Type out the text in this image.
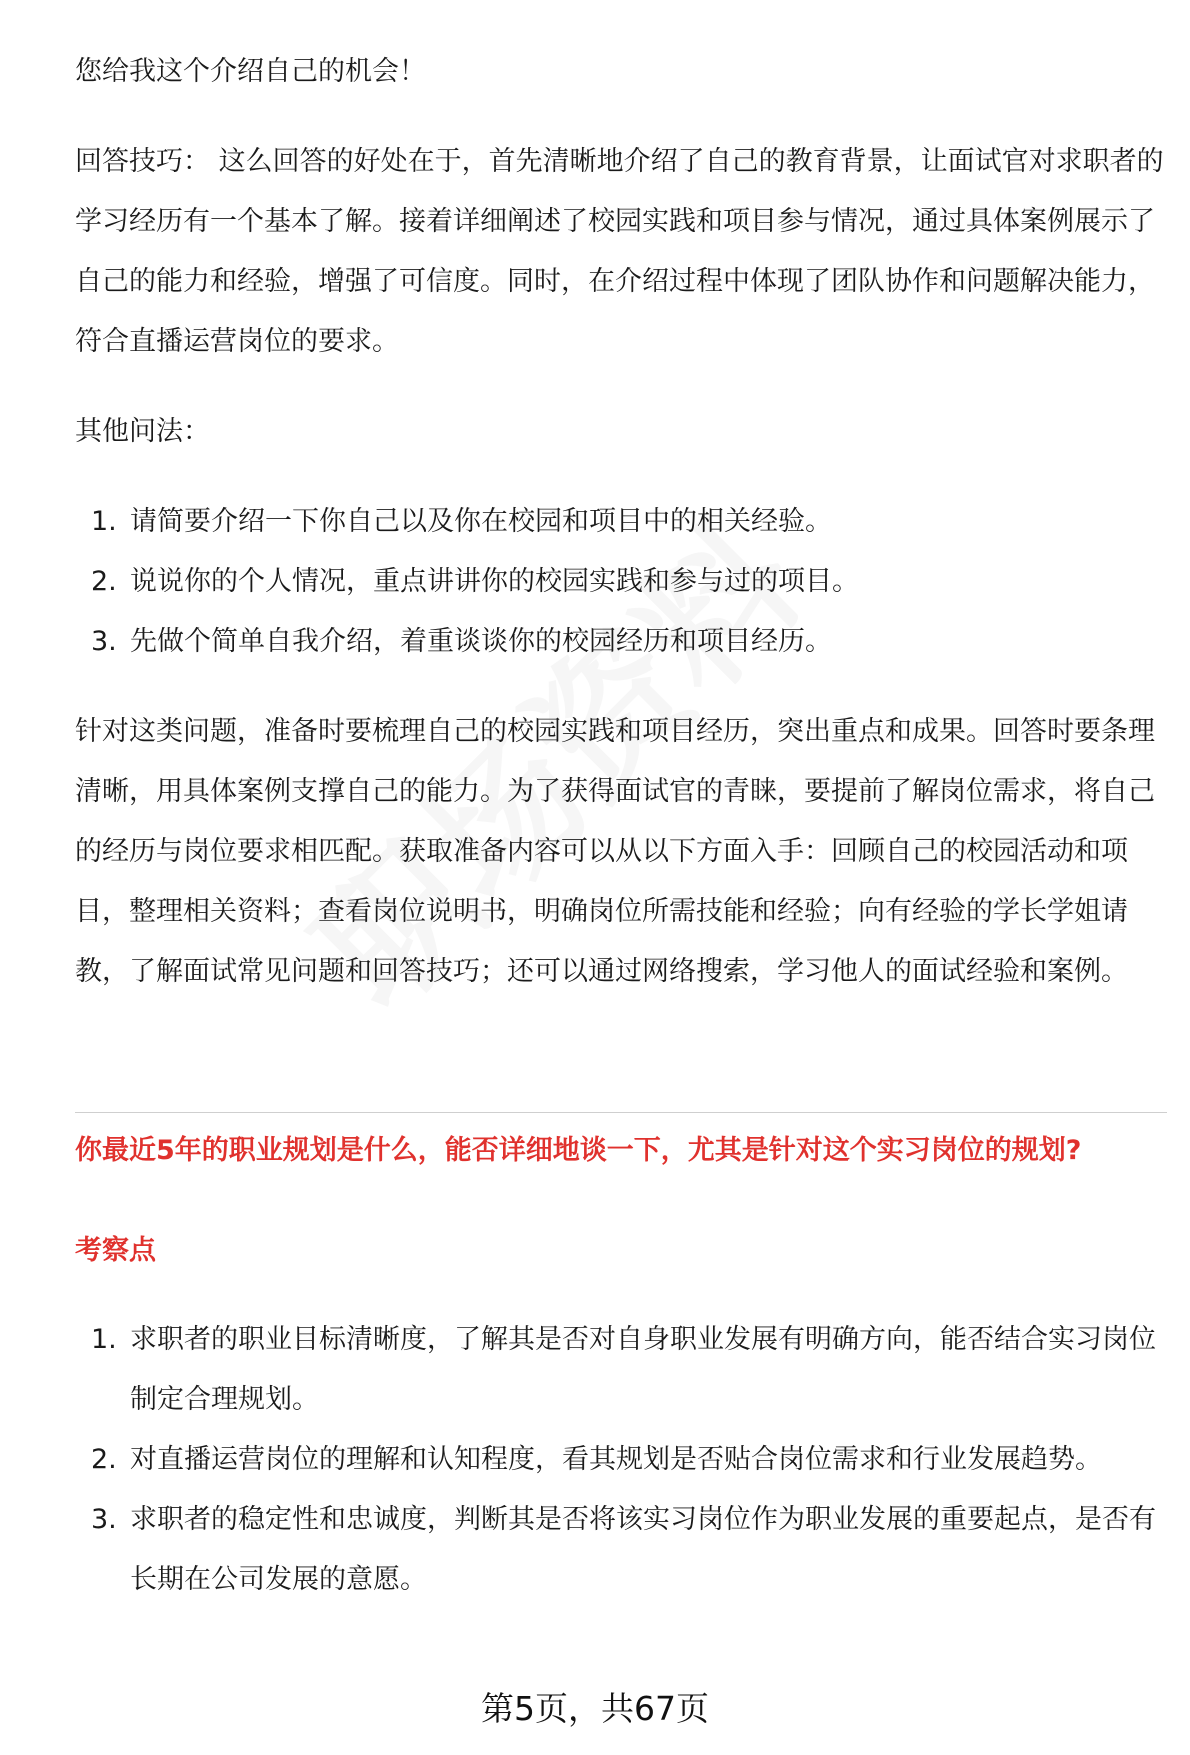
您给我这个介绍自己的机会！

回答技巧： 这么回答的好处在于，首先清晰地介绍了自己的教育背景，让面试官对求职者的学习经历有一个基本了解。接着详细阐述了校园实践和项目参与情况，通过具体案例展示了自己的能力和经验，增强了可信度。同时，在介绍过程中体现了团队协作和问题解决能力，符合直播运营岗位的要求。

其他问法：

1. 请简要介绍一下你自己以及你在校园和项目中的相关经验。
2. 说说你的个人情况，重点讲讲你的校园实践和参与过的项目。
3. 先做个简单自我介绍，着重谈谈你的校园经历和项目经历。

针对这类问题，准备时要梳理自己的校园实践和项目经历，突出重点和成果。回答时要条理清晰，用具体案例支撑自己的能力。为了获得面试官的青睐，要提前了解岗位需求，将自己的经历与岗位要求相匹配。获取准备内容可以从以下方面入手：回顾自己的校园活动和项目，整理相关资料；查看岗位说明书，明确岗位所需技能和经验；向有经验的学长学姐请教，了解面试常见问题和回答技巧；还可以通过网络搜索，学习他人的面试经验和案例。

你最近5年的职业规划是什么，能否详细地谈一下，尤其是针对这个实习岗位的规划?

考察点

1. 求职者的职业目标清晰度，了解其是否对自身职业发展有明确方向，能否结合实习岗位制定合理规划。
2. 对直播运营岗位的理解和认知程度，看其规划是否贴合岗位需求和行业发展趋势。
3. 求职者的稳定性和忠诚度，判断其是否将该实习岗位作为职业发展的重要起点，是否有长期在公司发展的意愿。
第5页，共67页
